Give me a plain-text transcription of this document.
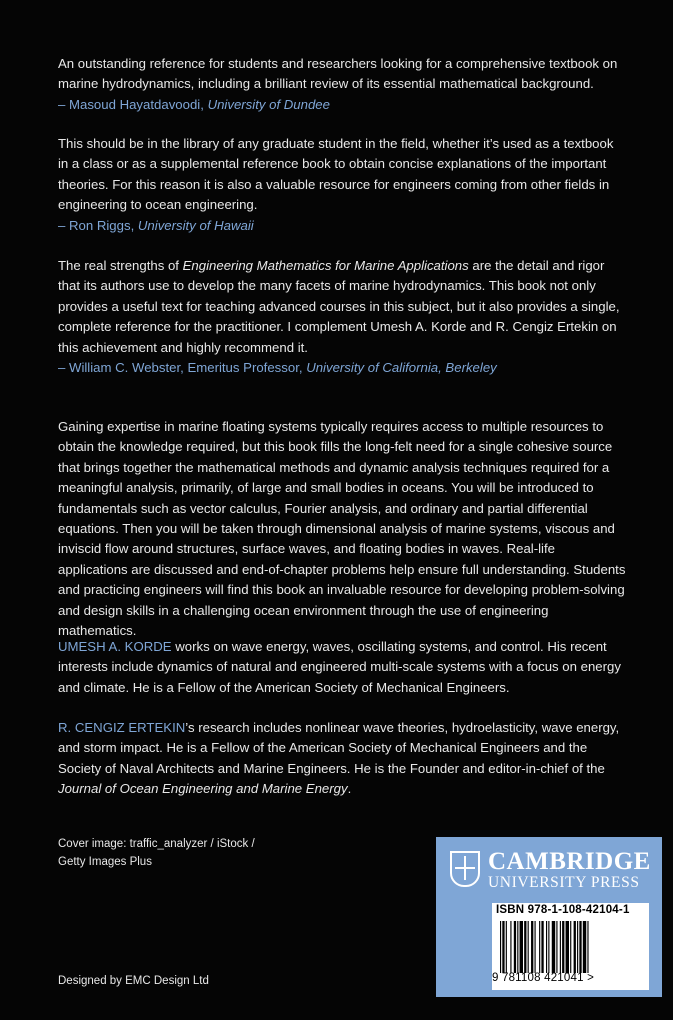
An outstanding reference for students and researchers looking for a comprehensive textbook on marine hydrodynamics, including a brilliant review of its essential mathematical background.
– Masoud Hayatdavoodi, University of Dundee

This should be in the library of any graduate student in the field, whether it’s used as a textbook in a class or as a supplemental reference book to obtain concise explanations of the important theories. For this reason it is also a valuable resource for engineers coming from other fields in engineering to ocean engineering.
– Ron Riggs, University of Hawaii

The real strengths of Engineering Mathematics for Marine Applications are the detail and rigor that its authors use to develop the many facets of marine hydrodynamics. This book not only provides a useful text for teaching advanced courses in this subject, but it also provides a single, complete reference for the practitioner. I complement Umesh A. Korde and R. Cengiz Ertekin on this achievement and highly recommend it.
– William C. Webster, Emeritus Professor, University of California, Berkeley

Gaining expertise in marine floating systems typically requires access to multiple resources to obtain the knowledge required, but this book fills the long-felt need for a single cohesive source that brings together the mathematical methods and dynamic analysis techniques required for a meaningful analysis, primarily, of large and small bodies in oceans. You will be introduced to fundamentals such as vector calculus, Fourier analysis, and ordinary and partial differential equations. Then you will be taken through dimensional analysis of marine systems, viscous and inviscid flow around structures, surface waves, and floating bodies in waves. Real-life applications are discussed and end-of-chapter problems help ensure full understanding. Students and practicing engineers will find this book an invaluable resource for developing problem-solving and design skills in a challenging ocean environment through the use of engineering mathematics.

UMESH A. KORDE works on wave energy, waves, oscillating systems, and control. His recent interests include dynamics of natural and engineered multi-scale systems with a focus on energy and climate. He is a Fellow of the American Society of Mechanical Engineers.

R. CENGIZ ERTEKIN’s research includes nonlinear wave theories, hydroelasticity, wave energy, and storm impact. He is a Fellow of the American Society of Mechanical Engineers and the Society of Naval Architects and Marine Engineers. He is the Founder and editor-in-chief of the Journal of Ocean Engineering and Marine Energy.

Cover image: traffic_analyzer / iStock /
Getty Images Plus
Designed by EMC Design Ltd
CAMBRIDGE
UNIVERSITY PRESS
ISBN 978-1-108-42104-1
9 781108 421041 >
